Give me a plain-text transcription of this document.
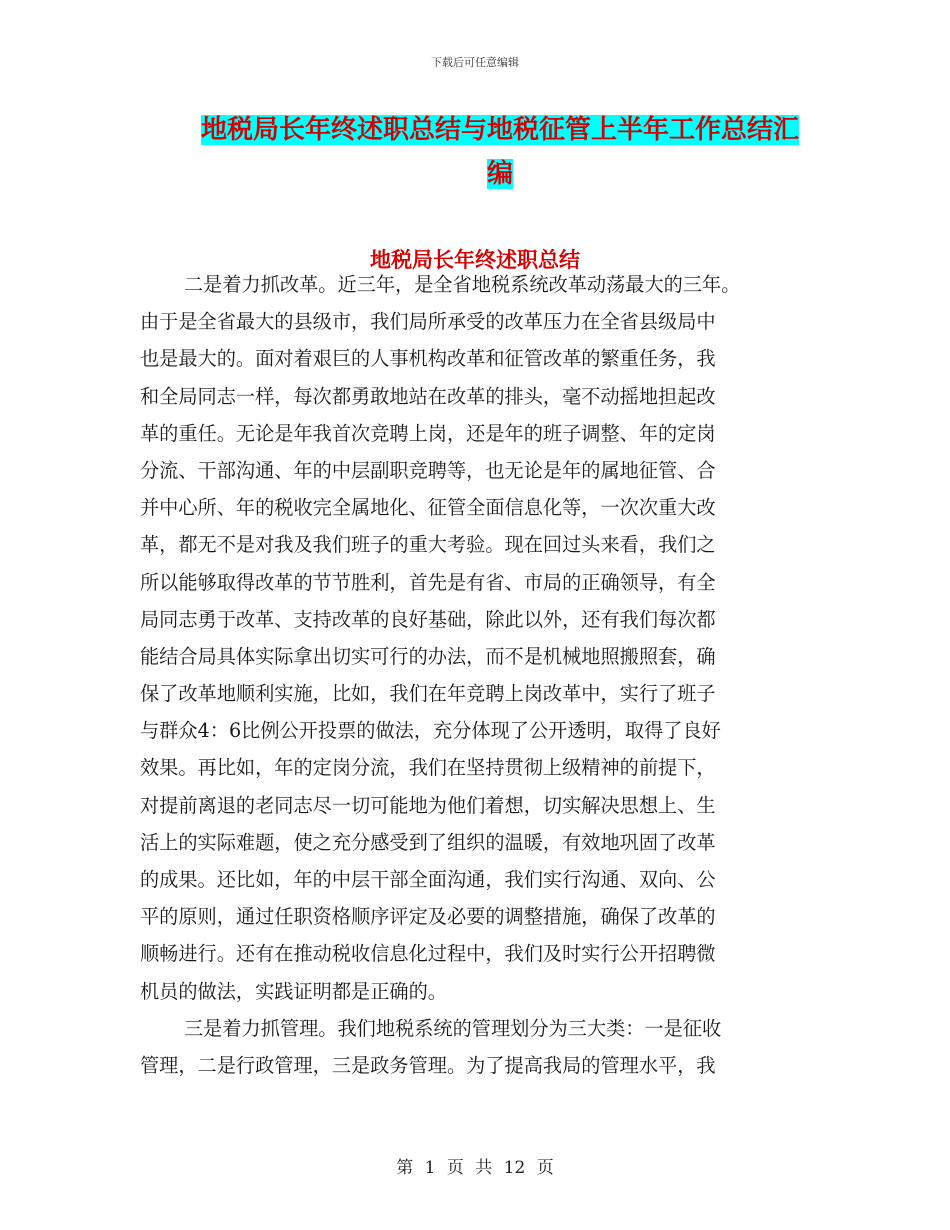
下载后可任意编辑
地税局长年终述职总结与地税征管上半年工作总结汇
编
地税局长年终述职总结
二是着力抓改革。近三年，是全省地税系统改革动荡最大的三年。
由于是全省最大的县级市，我们局所承受的改革压力在全省县级局中
也是最大的。面对着艰巨的人事机构改革和征管改革的繁重任务，我
和全局同志一样，每次都勇敢地站在改革的排头，毫不动摇地担起改
革的重任。无论是年我首次竞聘上岗，还是年的班子调整、年的定岗
分流、干部沟通、年的中层副职竞聘等，也无论是年的属地征管、合
并中心所、年的税收完全属地化、征管全面信息化等，一次次重大改
革，都无不是对我及我们班子的重大考验。现在回过头来看，我们之
所以能够取得改革的节节胜利，首先是有省、市局的正确领导，有全
局同志勇于改革、支持改革的良好基础，除此以外，还有我们每次都
能结合局具体实际拿出切实可行的办法，而不是机械地照搬照套，确
保了改革地顺利实施，比如，我们在年竞聘上岗改革中，实行了班子
与群众4：6比例公开投票的做法，充分体现了公开透明，取得了良好
效果。再比如，年的定岗分流，我们在坚持贯彻上级精神的前提下，
对提前离退的老同志尽一切可能地为他们着想，切实解决思想上、生
活上的实际难题，使之充分感受到了组织的温暖，有效地巩固了改革
的成果。还比如，年的中层干部全面沟通，我们实行沟通、双向、公
平的原则，通过任职资格顺序评定及必要的调整措施，确保了改革的
顺畅进行。还有在推动税收信息化过程中，我们及时实行公开招聘微
机员的做法，实践证明都是正确的。
三是着力抓管理。我们地税系统的管理划分为三大类：一是征收
管理，二是行政管理，三是政务管理。为了提高我局的管理水平，我
第 1 页 共 12 页
